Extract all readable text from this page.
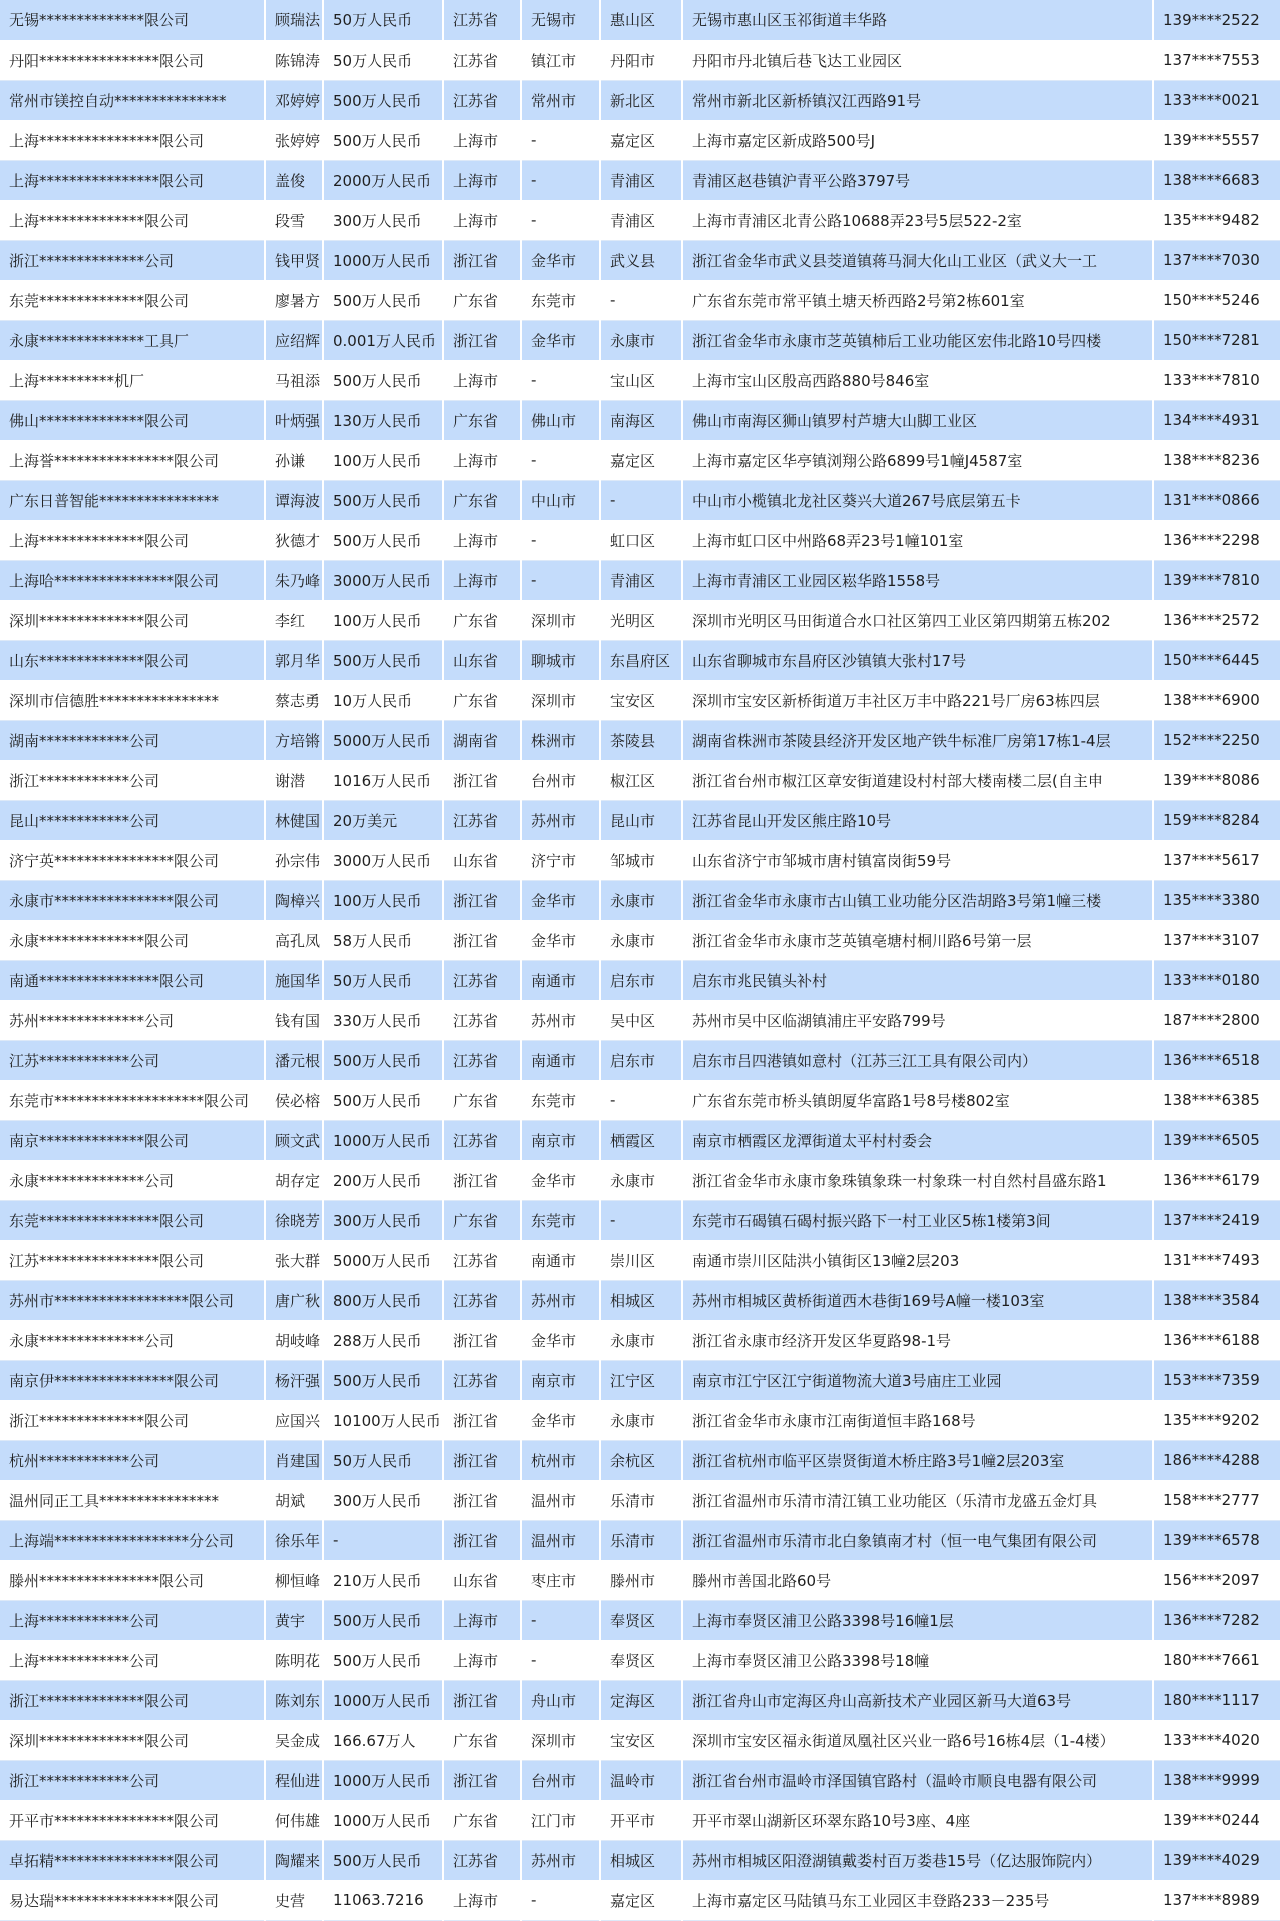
无锡**************限公司	顾瑞法	50万人民币	江苏省	无锡市	惠山区	无锡市惠山区玉祁街道丰华路	139****2522
丹阳****************限公司	陈锦涛	50万人民币	江苏省	镇江市	丹阳市	丹阳市丹北镇后巷飞达工业园区	137****7553
常州市镁控自动***************	邓婷婷	500万人民币	江苏省	常州市	新北区	常州市新北区新桥镇汉江西路91号	133****0021
上海****************限公司	张婷婷	500万人民币	上海市	-	嘉定区	上海市嘉定区新成路500号J	139****5557
上海****************限公司	盖俊	2000万人民币	上海市	-	青浦区	青浦区赵巷镇沪青平公路3797号	138****6683
上海**************限公司	段雪	300万人民币	上海市	-	青浦区	上海市青浦区北青公路10688弄23号5层522-2室	135****9482
浙江**************公司	钱甲贤	1000万人民币	浙江省	金华市	武义县	浙江省金华市武义县茭道镇蒋马洞大化山工业区（武义大一工	137****7030
东莞**************限公司	廖暑方	500万人民币	广东省	东莞市	-	广东省东莞市常平镇土塘天桥西路2号第2栋601室	150****5246
永康**************工具厂	应绍辉	0.001万人民币	浙江省	金华市	永康市	浙江省金华市永康市芝英镇柿后工业功能区宏伟北路10号四楼	150****7281
上海**********机厂	马祖添	500万人民币	上海市	-	宝山区	上海市宝山区殷高西路880号846室	133****7810
佛山**************限公司	叶炳强	130万人民币	广东省	佛山市	南海区	佛山市南海区狮山镇罗村芦塘大山脚工业区	134****4931
上海誉****************限公司	孙谦	100万人民币	上海市	-	嘉定区	上海市嘉定区华亭镇浏翔公路6899号1幢J4587室	138****8236
广东日普智能****************	谭海波	500万人民币	广东省	中山市	-	中山市小榄镇北龙社区葵兴大道267号底层第五卡	131****0866
上海**************限公司	狄德才	500万人民币	上海市	-	虹口区	上海市虹口区中州路68弄23号1幢101室	136****2298
上海哈****************限公司	朱乃峰	3000万人民币	上海市	-	青浦区	上海市青浦区工业园区崧华路1558号	139****7810
深圳**************限公司	李红	100万人民币	广东省	深圳市	光明区	深圳市光明区马田街道合水口社区第四工业区第四期第五栋202	136****2572
山东**************限公司	郭月华	500万人民币	山东省	聊城市	东昌府区	山东省聊城市东昌府区沙镇镇大张村17号	150****6445
深圳市信德胜****************	蔡志勇	10万人民币	广东省	深圳市	宝安区	深圳市宝安区新桥街道万丰社区万丰中路221号厂房63栋四层	138****6900
湖南************公司	方培锵	5000万人民币	湖南省	株洲市	茶陵县	湖南省株洲市茶陵县经济开发区地产铁牛标准厂房第17栋1-4层	152****2250
浙江************公司	谢潜	1016万人民币	浙江省	台州市	椒江区	浙江省台州市椒江区章安街道建设村村部大楼南楼二层(自主申	139****8086
昆山************公司	林健国	20万美元	江苏省	苏州市	昆山市	江苏省昆山开发区熊庄路10号	159****8284
济宁英****************限公司	孙宗伟	3000万人民币	山东省	济宁市	邹城市	山东省济宁市邹城市唐村镇富岗街59号	137****5617
永康市****************限公司	陶樟兴	100万人民币	浙江省	金华市	永康市	浙江省金华市永康市古山镇工业功能分区浩胡路3号第1幢三楼	135****3380
永康**************限公司	高孔凤	58万人民币	浙江省	金华市	永康市	浙江省金华市永康市芝英镇亳塘村桐川路6号第一层	137****3107
南通****************限公司	施国华	50万人民币	江苏省	南通市	启东市	启东市兆民镇头补村	133****0180
苏州**************公司	钱有国	330万人民币	江苏省	苏州市	吴中区	苏州市吴中区临湖镇浦庄平安路799号	187****2800
江苏************公司	潘元根	500万人民币	江苏省	南通市	启东市	启东市吕四港镇如意村（江苏三江工具有限公司内）	136****6518
东莞市********************限公司	侯必榕	500万人民币	广东省	东莞市	-	广东省东莞市桥头镇朗厦华富路1号8号楼802室	138****6385
南京**************限公司	顾文武	1000万人民币	江苏省	南京市	栖霞区	南京市栖霞区龙潭街道太平村村委会	139****6505
永康**************公司	胡存定	200万人民币	浙江省	金华市	永康市	浙江省金华市永康市象珠镇象珠一村象珠一村自然村昌盛东路1	136****6179
东莞****************限公司	徐晓芳	300万人民币	广东省	东莞市	-	东莞市石碣镇石碣村振兴路下一村工业区5栋1楼第3间	137****2419
江苏****************限公司	张大群	5000万人民币	江苏省	南通市	崇川区	南通市崇川区陆洪小镇街区13幢2层203	131****7493
苏州市******************限公司	唐广秋	800万人民币	江苏省	苏州市	相城区	苏州市相城区黄桥街道西木巷街169号A幢一楼103室	138****3584
永康**************公司	胡岐峰	288万人民币	浙江省	金华市	永康市	浙江省永康市经济开发区华夏路98-1号	136****6188
南京伊****************限公司	杨汗强	500万人民币	江苏省	南京市	江宁区	南京市江宁区江宁街道物流大道3号庙庄工业园	153****7359
浙江**************限公司	应国兴	10100万人民币	浙江省	金华市	永康市	浙江省金华市永康市江南街道恒丰路168号	135****9202
杭州************公司	肖建国	50万人民币	浙江省	杭州市	余杭区	浙江省杭州市临平区崇贤街道木桥庄路3号1幢2层203室	186****4288
温州同正工具****************	胡斌	300万人民币	浙江省	温州市	乐清市	浙江省温州市乐清市清江镇工业功能区（乐清市龙盛五金灯具	158****2777
上海端******************分公司	徐乐年	-	浙江省	温州市	乐清市	浙江省温州市乐清市北白象镇南才村（恒一电气集团有限公司	139****6578
滕州****************限公司	柳恒峰	210万人民币	山东省	枣庄市	滕州市	滕州市善国北路60号	156****2097
上海************公司	黄宇	500万人民币	上海市	-	奉贤区	上海市奉贤区浦卫公路3398号16幢1层	136****7282
上海************公司	陈明花	500万人民币	上海市	-	奉贤区	上海市奉贤区浦卫公路3398号18幢	180****7661
浙江**************限公司	陈刘东	1000万人民币	浙江省	舟山市	定海区	浙江省舟山市定海区舟山高新技术产业园区新马大道63号	180****1117
深圳**************限公司	吴金成	166.67万人	广东省	深圳市	宝安区	深圳市宝安区福永街道凤凰社区兴业一路6号16栋4层（1-4楼）	133****4020
浙江************公司	程仙进	1000万人民币	浙江省	台州市	温岭市	浙江省台州市温岭市泽国镇官路村（温岭市顺良电器有限公司	138****9999
开平市****************限公司	何伟雄	1000万人民币	广东省	江门市	开平市	开平市翠山湖新区环翠东路10号3座、4座	139****0244
卓拓精****************限公司	陶耀来	500万人民币	江苏省	苏州市	相城区	苏州市相城区阳澄湖镇戴娄村百万娄巷15号（亿达服饰院内）	139****4029
易达瑞****************限公司	史营	11063.7216	上海市	-	嘉定区	上海市嘉定区马陆镇马东工业园区丰登路233－235号	137****8989
